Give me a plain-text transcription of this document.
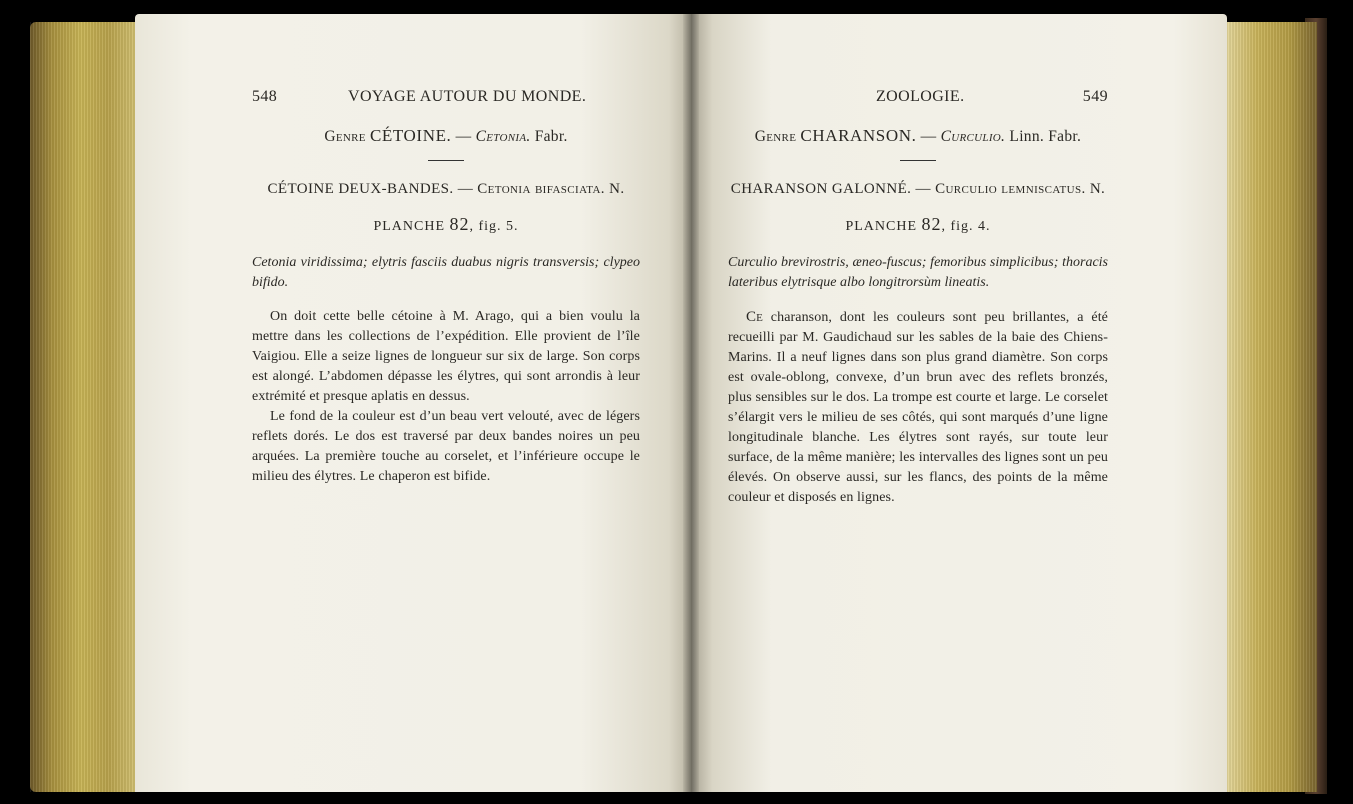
548	VOYAGE AUTOUR DU MONDE.
Genre CÉTOINE. — Cetonia. Fabr.
CÉTOINE DEUX-BANDES. — Cetonia bifasciata. N.
PLANCHE 82, fig. 5.
Cetonia viridissima; elytris fasciis duabus nigris transversis; clypeo bifido.
On doit cette belle cétoine à M. Arago, qui a bien voulu la mettre dans les collections de l’expédition. Elle provient de l’île Vaigiou. Elle a seize lignes de longueur sur six de large. Son corps est alongé. L’abdomen dépasse les élytres, qui sont arrondis à leur extrémité et presque aplatis en dessus.
Le fond de la couleur est d’un beau vert velouté, avec de légers reflets dorés. Le dos est traversé par deux bandes noires un peu arquées. La première touche au corselet, et l’inférieure occupe le milieu des élytres. Le chaperon est bifide.
ZOOLOGIE.	549
Genre CHARANSON. — Curculio. Linn. Fabr.
CHARANSON GALONNÉ. — Curculio lemniscatus. N.
PLANCHE 82, fig. 4.
Curculio brevirostris, æneo-fuscus; femoribus simplicibus; thoracis lateribus elytrisque albo longitrorsùm lineatis.
Ce charanson, dont les couleurs sont peu brillantes, a été recueilli par M. Gaudichaud sur les sables de la baie des Chiens-Marins. Il a neuf lignes dans son plus grand diamètre. Son corps est ovale-oblong, convexe, d’un brun avec des reflets bronzés, plus sensibles sur le dos. La trompe est courte et large. Le corselet s’élargit vers le milieu de ses côtés, qui sont marqués d’une ligne longitudinale blanche. Les élytres sont rayés, sur toute leur surface, de la même manière; les intervalles des lignes sont un peu élevés. On observe aussi, sur les flancs, des points de la même couleur et disposés en lignes.
